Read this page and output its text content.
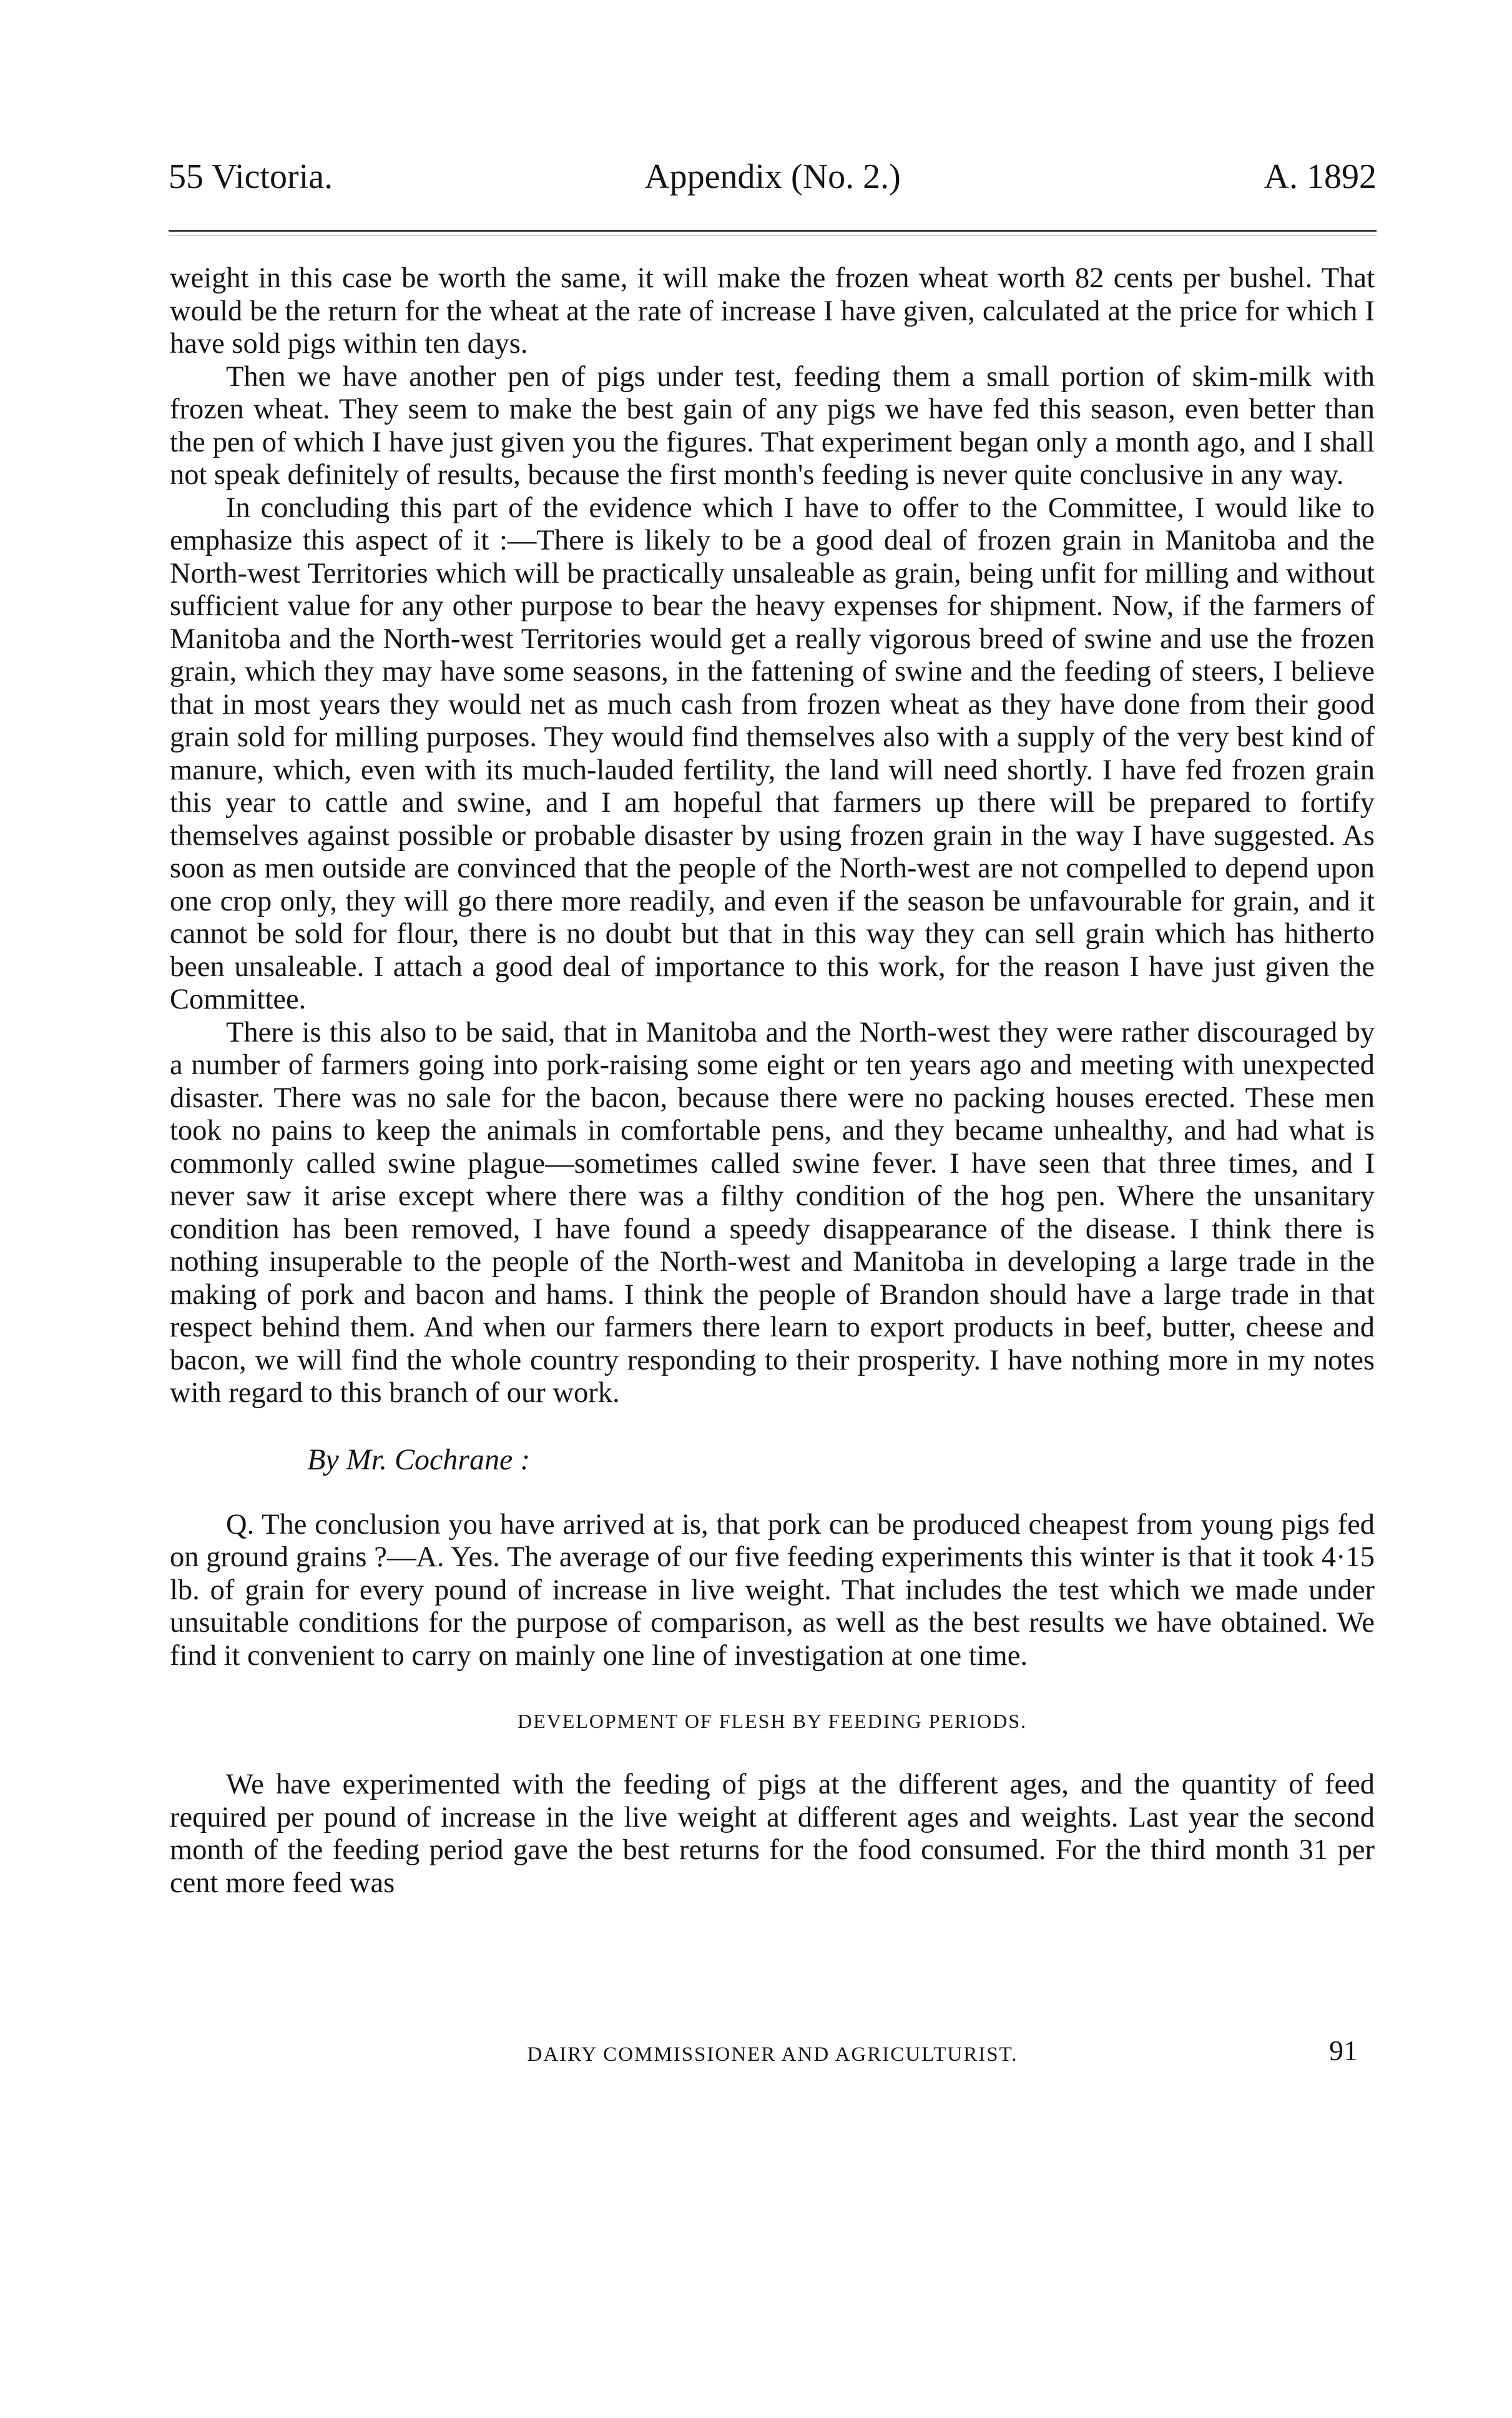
55 Victoria.	Appendix (No. 2.)	A. 1892

weight in this case be worth the same, it will make the frozen wheat worth 82 cents per bushel. That would be the return for the wheat at the rate of increase I have given, calculated at the price for which I have sold pigs within ten days.

Then we have another pen of pigs under test, feeding them a small portion of skim-milk with frozen wheat. They seem to make the best gain of any pigs we have fed this season, even better than the pen of which I have just given you the figures. That experiment began only a month ago, and I shall not speak definitely of results, because the first month's feeding is never quite conclusive in any way.

In concluding this part of the evidence which I have to offer to the Committee, I would like to emphasize this aspect of it :—There is likely to be a good deal of frozen grain in Manitoba and the North-west Territories which will be practically unsaleable as grain, being unfit for milling and without sufficient value for any other purpose to bear the heavy expenses for shipment. Now, if the farmers of Manitoba and the North-west Territories would get a really vigorous breed of swine and use the frozen grain, which they may have some seasons, in the fattening of swine and the feeding of steers, I believe that in most years they would net as much cash from frozen wheat as they have done from their good grain sold for milling purposes. They would find themselves also with a supply of the very best kind of manure, which, even with its much-lauded fertility, the land will need shortly. I have fed frozen grain this year to cattle and swine, and I am hopeful that farmers up there will be prepared to fortify themselves against possible or probable disaster by using frozen grain in the way I have suggested. As soon as men outside are convinced that the people of the North-west are not compelled to depend upon one crop only, they will go there more readily, and even if the season be unfavourable for grain, and it cannot be sold for flour, there is no doubt but that in this way they can sell grain which has hitherto been unsaleable. I attach a good deal of importance to this work, for the reason I have just given the Committee.

There is this also to be said, that in Manitoba and the North-west they were rather discouraged by a number of farmers going into pork-raising some eight or ten years ago and meeting with unexpected disaster. There was no sale for the bacon, because there were no packing houses erected. These men took no pains to keep the animals in comfortable pens, and they became unhealthy, and had what is commonly called swine plague—sometimes called swine fever. I have seen that three times, and I never saw it arise except where there was a filthy condition of the hog pen. Where the unsanitary condition has been removed, I have found a speedy disappearance of the disease. I think there is nothing insuperable to the people of the North-west and Manitoba in developing a large trade in the making of pork and bacon and hams. I think the people of Brandon should have a large trade in that respect behind them. And when our farmers there learn to export products in beef, butter, cheese and bacon, we will find the whole country responding to their prosperity. I have nothing more in my notes with regard to this branch of our work.

By Mr. Cochrane :

Q. The conclusion you have arrived at is, that pork can be produced cheapest from young pigs fed on ground grains ?—A. Yes. The average of our five feeding experiments this winter is that it took 4·15 lb. of grain for every pound of increase in live weight. That includes the test which we made under unsuitable conditions for the purpose of comparison, as well as the best results we have obtained. We find it convenient to carry on mainly one line of investigation at one time.

DEVELOPMENT OF FLESH BY FEEDING PERIODS.

We have experimented with the feeding of pigs at the different ages, and the quantity of feed required per pound of increase in the live weight at different ages and weights. Last year the second month of the feeding period gave the best returns for the food consumed. For the third month 31 per cent more feed was

DAIRY COMMISSIONER AND AGRICULTURIST.	91
